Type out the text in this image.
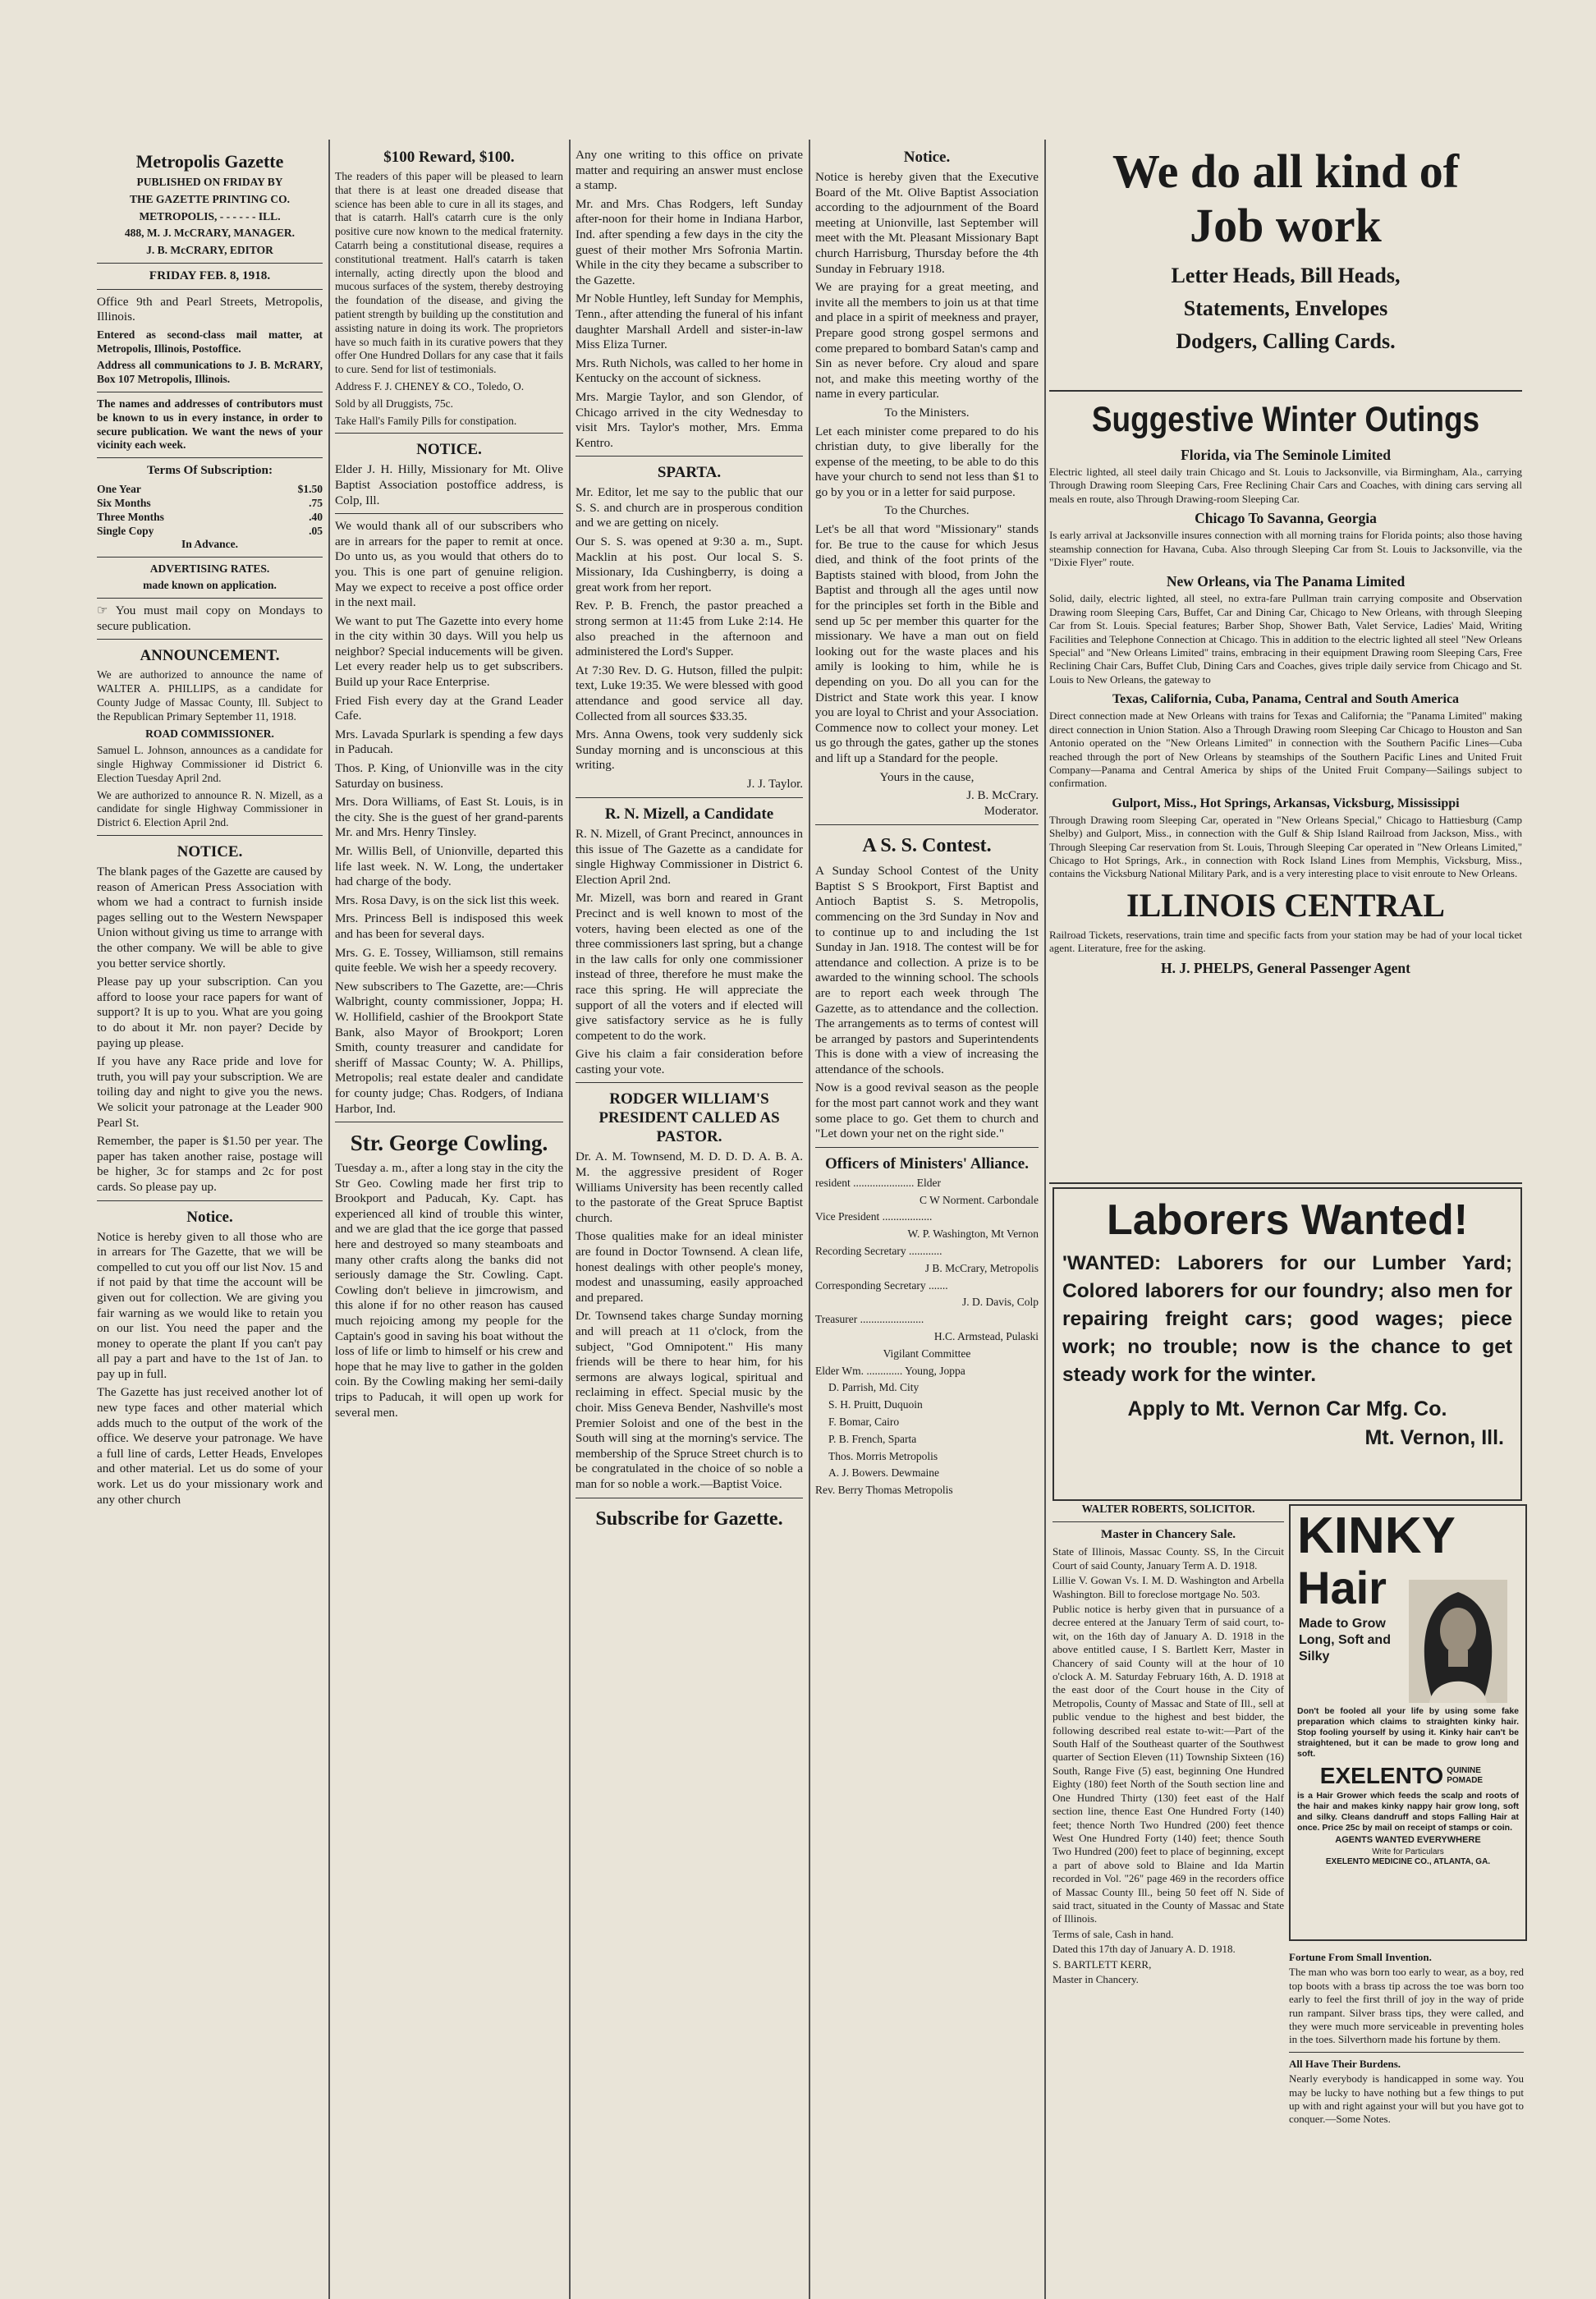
Metropolis Gazette

PUBLISHED ON FRIDAY BY

THE GAZETTE PRINTING CO.

METROPOLIS, - - - - - - ILL.

488, M. J. McCRARY, MANAGER.

J. B. McCRARY, EDITOR

FRIDAY FEB. 8, 1918.

Office 9th and Pearl Streets, Metropolis, Illinois.

Entered as second-class mail matter, at Metropolis, Illinois, Postoffice.

Address all communications to J. B. McRARY, Box 107 Metropolis, Illinois.

The names and addresses of contributors must be known to us in every instance, in order to secure publication. We want the news of your vicinity each week.

Terms Of Subscription:

One Year	$1.50
Six Months	.75
Three Months	.40
Single Copy	.05

In Advance.

ADVERTISING RATES.

made known on application.

☞ You must mail copy on Mondays to secure publication.

ANNOUNCEMENT.

We are authorized to announce the name of WALTER A. PHILLIPS, as a candidate for County Judge of Massac County, Ill. Subject to the Republican Primary September 11, 1918.

ROAD COMMISSIONER.

Samuel L. Johnson, announces as a candidate for single Highway Commissioner id District 6. Election Tuesday April 2nd.

We are authorized to announce R. N. Mizell, as a candidate for single Highway Commissioner in District 6. Election April 2nd.

NOTICE.

The blank pages of the Gazette are caused by reason of American Press Association with whom we had a contract to furnish inside pages selling out to the Western Newspaper Union without giving us time to arrange with the other company. We will be able to give you better service shortly.

Please pay up your subscription. Can you afford to loose your race papers for want of support? It is up to you. What are you going to do about it Mr. non payer? Decide by paying up please.

If you have any Race pride and love for truth, you will pay your subscription. We are toiling day and night to give you the news. We solicit your patronage at the Leader 900 Pearl St.

Remember, the paper is $1.50 per year. The paper has taken another raise, postage will be higher, 3c for stamps and 2c for post cards. So please pay up.

Notice.

Notice is hereby given to all those who are in arrears for The Gazette, that we will be compelled to cut you off our list Nov. 15 and if not paid by that time the account will be given out for collection. We are giving you fair warning as we would like to retain you on our list. You need the paper and the money to operate the plant If you can't pay all pay a part and have to the 1st of Jan. to pay up in full.

The Gazette has just received another lot of new type faces and other material which adds much to the output of the work of the office. We deserve your patronage. We have a full line of cards, Letter Heads, Envelopes and other material. Let us do some of your work. Let us do your missionary work and any other church

$100 Reward, $100.

The readers of this paper will be pleased to learn that there is at least one dreaded disease that science has been able to cure in all its stages, and that is catarrh. Hall's catarrh cure is the only positive cure now known to the medical fraternity. Catarrh being a constitutional disease, requires a constitutional treatment. Hall's catarrh is taken internally, acting directly upon the blood and mucous surfaces of the system, thereby destroying the foundation of the disease, and giving the patient strength by building up the constitution and assisting nature in doing its work. The proprietors have so much faith in its curative powers that they offer One Hundred Dollars for any case that it fails to cure. Send for list of testimonials.

Address F. J. CHENEY & CO., Toledo, O.

Sold by all Druggists, 75c.

Take Hall's Family Pills for constipation.

NOTICE.

Elder J. H. Hilly, Missionary for Mt. Olive Baptist Association postoffice address, is Colp, Ill.

We would thank all of our subscribers who are in arrears for the paper to remit at once. Do unto us, as you would that others do to you. This is one part of genuine religion. May we expect to receive a post office order in the next mail.

We want to put The Gazette into every home in the city within 30 days. Will you help us neighbor? Special inducements will be given. Let every reader help us to get subscribers. Build up your Race Enterprise.

Fried Fish every day at the Grand Leader Cafe.

Mrs. Lavada Spurlark is spending a few days in Paducah.

Thos. P. King, of Unionville was in the city Saturday on business.

Mrs. Dora Williams, of East St. Louis, is in the city. She is the guest of her grand-parents Mr. and Mrs. Henry Tinsley.

Mr. Willis Bell, of Unionville, departed this life last week. N. W. Long, the undertaker had charge of the body.

Mrs. Rosa Davy, is on the sick list this week.

Mrs. Princess Bell is indisposed this week and has been for several days.

Mrs. G. E. Tossey, Williamson, still remains quite feeble. We wish her a speedy recovery.

New subscribers to The Gazette, are:—Chris Walbright, county commissioner, Joppa; H. W. Hollifield, cashier of the Brookport State Bank, also Mayor of Brookport; Loren Smith, county treasurer and candidate for sheriff of Massac County; W. A. Phillips, Metropolis; real estate dealer and candidate for county judge; Chas. Rodgers, of Indiana Harbor, Ind.

Str. George Cowling.

Tuesday a. m., after a long stay in the city the Str Geo. Cowling made her first trip to Brookport and Paducah, Ky. Capt. has experienced all kind of trouble this winter, and we are glad that the ice gorge that passed here and destroyed so many steamboats and many other crafts along the banks did not seriously damage the Str. Cowling. Capt. Cowling don't believe in jimcrowism, and this alone if for no other reason has caused much rejoicing among my people for the Captain's good in saving his boat without the loss of life or limb to himself or his crew and hope that he may live to gather in the golden coin. By the Cowling making her semi-daily trips to Paducah, it will open up work for several men.

Any one writing to this office on private matter and requiring an answer must enclose a stamp.

Mr. and Mrs. Chas Rodgers, left Sunday after-noon for their home in Indiana Harbor, Ind. after spending a few days in the city the guest of their mother Mrs Sofronia Martin. While in the city they became a subscriber to the Gazette.

Mr Noble Huntley, left Sunday for Memphis, Tenn., after attending the funeral of his infant daughter Marshall Ardell and sister-in-law Miss Eliza Turner.

Mrs. Ruth Nichols, was called to her home in Kentucky on the account of sickness.

Mrs. Margie Taylor, and son Glendor, of Chicago arrived in the city Wednesday to visit Mrs. Taylor's mother, Mrs. Emma Kentro.

SPARTA.

Mr. Editor, let me say to the public that our S. S. and church are in prosperous condition and we are getting on nicely.

Our S. S. was opened at 9:30 a. m., Supt. Macklin at his post. Our local S. S. Missionary, Ida Cushingberry, is doing a great work from her report.

Rev. P. B. French, the pastor preached a strong sermon at 11:45 from Luke 2:14. He also preached in the afternoon and administered the Lord's Supper.

At 7:30 Rev. D. G. Hutson, filled the pulpit: text, Luke 19:35. We were blessed with good attendance and good service all day. Collected from all sources $33.35.

Mrs. Anna Owens, took very suddenly sick Sunday morning and is unconscious at this writing.

J. J. Taylor.

R. N. Mizell, a Candidate

R. N. Mizell, of Grant Precinct, announces in this issue of The Gazette as a candidate for single Highway Commissioner in District 6. Election April 2nd.

Mr. Mizell, was born and reared in Grant Precinct and is well known to most of the voters, having been elected as one of the three commissioners last spring, but a change in the law calls for only one commissioner instead of three, therefore he must make the race this spring. He will appreciate the support of all the voters and if elected will give satisfactory service as he is fully competent to do the work.

Give his claim a fair consideration before casting your vote.

RODGER WILLIAM'S PRESIDENT CALLED AS PASTOR.

Dr. A. M. Townsend, M. D. D. D. A. B. A. M. the aggressive president of Roger Williams University has been recently called to the pastorate of the Great Spruce Baptist church.

Those qualities make for an ideal minister are found in Doctor Townsend. A clean life, honest dealings with other people's money, modest and unassuming, easily approached and prepared.

Dr. Townsend takes charge Sunday morning and will preach at 11 o'clock, from the subject, "God Omnipotent." His many friends will be there to hear him, for his sermons are always logical, spiritual and reclaiming in effect. Special music by the choir. Miss Geneva Bender, Nashville's most Premier Soloist and one of the best in the South will sing at the morning's service. The membership of the Spruce Street church is to be congratulated in the choice of so noble a man for so noble a work.—Baptist Voice.

Subscribe for Gazette.
Notice.

Notice is hereby given that the Executive Board of the Mt. Olive Baptist Association according to the adjournment of the Board meeting at Unionville, last September will meet with the Mt. Pleasant Missionary Bapt church Harrisburg, Thursday before the 4th Sunday in February 1918.

We are praying for a great meeting, and invite all the members to join us at that time and place in a spirit of meekness and prayer, Prepare good strong gospel sermons and come prepared to bombard Satan's camp and Sin as never before. Cry aloud and spare not, and make this meeting worthy of the name in every particular.

To the Ministers.

Let each minister come prepared to do his christian duty, to give liberally for the expense of the meeting, to be able to do this have your church to send not less than $1 to go by you or in a letter for said purpose.

To the Churches.

Let's be all that word "Missionary" stands for. Be true to the cause for which Jesus died, and think of the foot prints of the Baptists stained with blood, from John the Baptist and through all the ages until now for the principles set forth in the Bible and send up 5c per member this quarter for the missionary. We have a man out on field looking out for the waste places and his amily is looking to him, while he is depending on you. Do all you can for the District and State work this year. I know you are loyal to Christ and your Association. Commence now to collect your money. Let us go through the gates, gather up the stones and lift up a Standard for the people.

Yours in the cause,

J. B. McCrary.

Moderator.

A S. S. Contest.

A Sunday School Contest of the Unity Baptist S S Brookport, First Baptist and Antioch Baptist S. S. Metropolis, commencing on the 3rd Sunday in Nov and to continue up to and including the 1st Sunday in Jan. 1918. The contest will be for attendance and collection. A prize is to be awarded to the winning school. The schools are to report each week through The Gazette, as to attendance and the collection. The arrangements as to terms of contest will be arranged by pastors and Superintendents This is done with a view of increasing the attendance of the schools.

Now is a good revival season as the people for the most part cannot work and they want some place to go. Get them to church and "Let down your net on the right side."

Officers of Ministers' Alliance.

resident ...................... Elder

C W Norment. Carbondale

Vice President ..................

W. P. Washington, Mt Vernon

Recording Secretary ............

J B. McCrary, Metropolis

Corresponding Secretary .......

J. D. Davis, Colp

Treasurer .......................

H.C. Armstead, Pulaski

Vigilant Committee

Elder Wm. ............. Young, Joppa

D. Parrish, Md. City

S. H. Pruitt, Duquoin

F. Bomar, Cairo

P. B. French, Sparta

Thos. Morris Metropolis

A. J. Bowers. Dewmaine

Rev. Berry Thomas Metropolis

We do all kind of
Job work

Letter Heads, Bill Heads,

Statements, Envelopes

Dodgers, Calling Cards.

Suggestive Winter Outings
Florida, via The Seminole Limited

Electric lighted, all steel daily train Chicago and St. Louis to Jacksonville, via Birmingham, Ala., carrying Through Drawing room Sleeping Cars, Free Reclining Chair Cars and Coaches, with dining cars serving all meals en route, also Through Drawing-room Sleeping Car.

Chicago To Savanna, Georgia

Is early arrival at Jacksonville insures connection with all morning trains for Florida points; also those having steamship connection for Havana, Cuba. Also through Sleeping Car from St. Louis to Jacksonville, via the "Dixie Flyer" route.

New Orleans, via The Panama Limited

Solid, daily, electric lighted, all steel, no extra-fare Pullman train carrying composite and Observation Drawing room Sleeping Cars, Buffet, Car and Dining Car, Chicago to New Orleans, with through Sleeping Car from St. Louis. Special features; Barber Shop, Shower Bath, Valet Service, Ladies' Maid, Writing Facilities and Telephone Connection at Chicago. This in addition to the electric lighted all steel "New Orleans Special" and "New Orleans Limited" trains, embracing in their equipment Drawing room Sleeping Cars, Free Reclining Chair Cars, Buffet Club, Dining Cars and Coaches, gives triple daily service from Chicago and St. Louis to New Orleans, the gateway to

Texas, California, Cuba, Panama, Central and South America

Direct connection made at New Orleans with trains for Texas and California; the "Panama Limited" making direct connection in Union Station. Also a Through Drawing room Sleeping Car Chicago to Houston and San Antonio operated on the "New Orleans Limited" in connection with the Southern Pacific Lines—Cuba reached through the port of New Orleans by steamships of the Southern Pacific Lines and United Fruit Company—Panama and Central America by ships of the United Fruit Company—Sailings subject to confirmation.

Gulport, Miss., Hot Springs, Arkansas, Vicksburg, Mississippi

Through Drawing room Sleeping Car, operated in "New Orleans Special," Chicago to Hattiesburg (Camp Shelby) and Gulport, Miss., in connection with the Gulf & Ship Island Railroad from Jackson, Miss., with Through Sleeping Car reservation from St. Louis, Through Sleeping Car operated in "New Orleans Limited," Chicago to Hot Springs, Ark., in connection with Rock Island Lines from Memphis, Vicksburg, Miss., contains the Vicksburg National Military Park, and is a very interesting place to visit enroute to New Orleans.

ILLINOIS CENTRAL

Railroad Tickets, reservations, train time and specific facts from your station may be had of your local ticket agent. Literature, free for the asking.

H. J. PHELPS, General Passenger Agent
Laborers Wanted!

'WANTED: Laborers for our Lumber Yard; Colored laborers for our foundry; also men for repairing freight cars; good wages; piece work; no trouble; now is the chance to get steady work for the winter.

Apply to Mt. Vernon Car Mfg. Co.

Mt. Vernon, Ill.

WALTER ROBERTS, SOLICITOR.

Master in Chancery Sale.

State of Illinois, Massac County. SS, In the Circuit Court of said County, January Term A. D. 1918.

Lillie V. Gowan Vs. I. M. D. Washington and Arbella Washington. Bill to foreclose mortgage No. 503.

Public notice is herby given that in pursuance of a decree entered at the January Term of said court, to-wit, on the 16th day of January A. D. 1918 in the above entitled cause, I S. Bartlett Kerr, Master in Chancery of said County will at the hour of 10 o'clock A. M. Saturday February 16th, A. D. 1918 at the east door of the Court house in the City of Metropolis, County of Massac and State of Ill., sell at public vendue to the highest and best bidder, the following described real estate to-wit:—Part of the South Half of the Southeast quarter of the Southwest quarter of Section Eleven (11) Township Sixteen (16) South, Range Five (5) east, beginning One Hundred Eighty (180) feet North of the South section line and One Hundred Thirty (130) feet east of the Half section line, thence East One Hundred Forty (140) feet; thence North Two Hundred (200) feet thence West One Hundred Forty (140) feet; thence South Two Hundred (200) feet to place of beginning, except a part of above sold to Blaine and Ida Martin recorded in Vol. "26" page 469 in the recorders office of Massac County Ill., being 50 feet off N. Side of said tract, situated in the County of Massac and State of Illinois.

Terms of sale, Cash in hand.

Dated this 17th day of January A. D. 1918.

S. BARTLETT KERR,

Master in Chancery.

KINKY
Hair

Made to Grow Long, Soft and Silky

Don't be fooled all your life by using some fake preparation which claims to straighten kinky hair. Stop fooling yourself by using it. Kinky hair can't be straightened, but it can be made to grow long and soft.

EXELENTO QUININE POMADE

is a Hair Grower which feeds the scalp and roots of the hair and makes kinky nappy hair grow long, soft and silky. Cleans dandruff and stops Falling Hair at once. Price 25c by mail on receipt of stamps or coin.

AGENTS WANTED EVERYWHERE

Write for Particulars

EXELENTO MEDICINE CO., ATLANTA, GA.

Fortune From Small Invention.

The man who was born too early to wear, as a boy, red top boots with a brass tip across the toe was born too early to feel the first thrill of joy in the way of pride run rampant. Silver brass tips, they were called, and they were much more serviceable in preventing holes in the toes. Silverthorn made his fortune by them.

All Have Their Burdens.

Nearly everybody is handicapped in some way. You may be lucky to have nothing but a few things to put up with and right against your will but you have got to conquer.—Some Notes.
